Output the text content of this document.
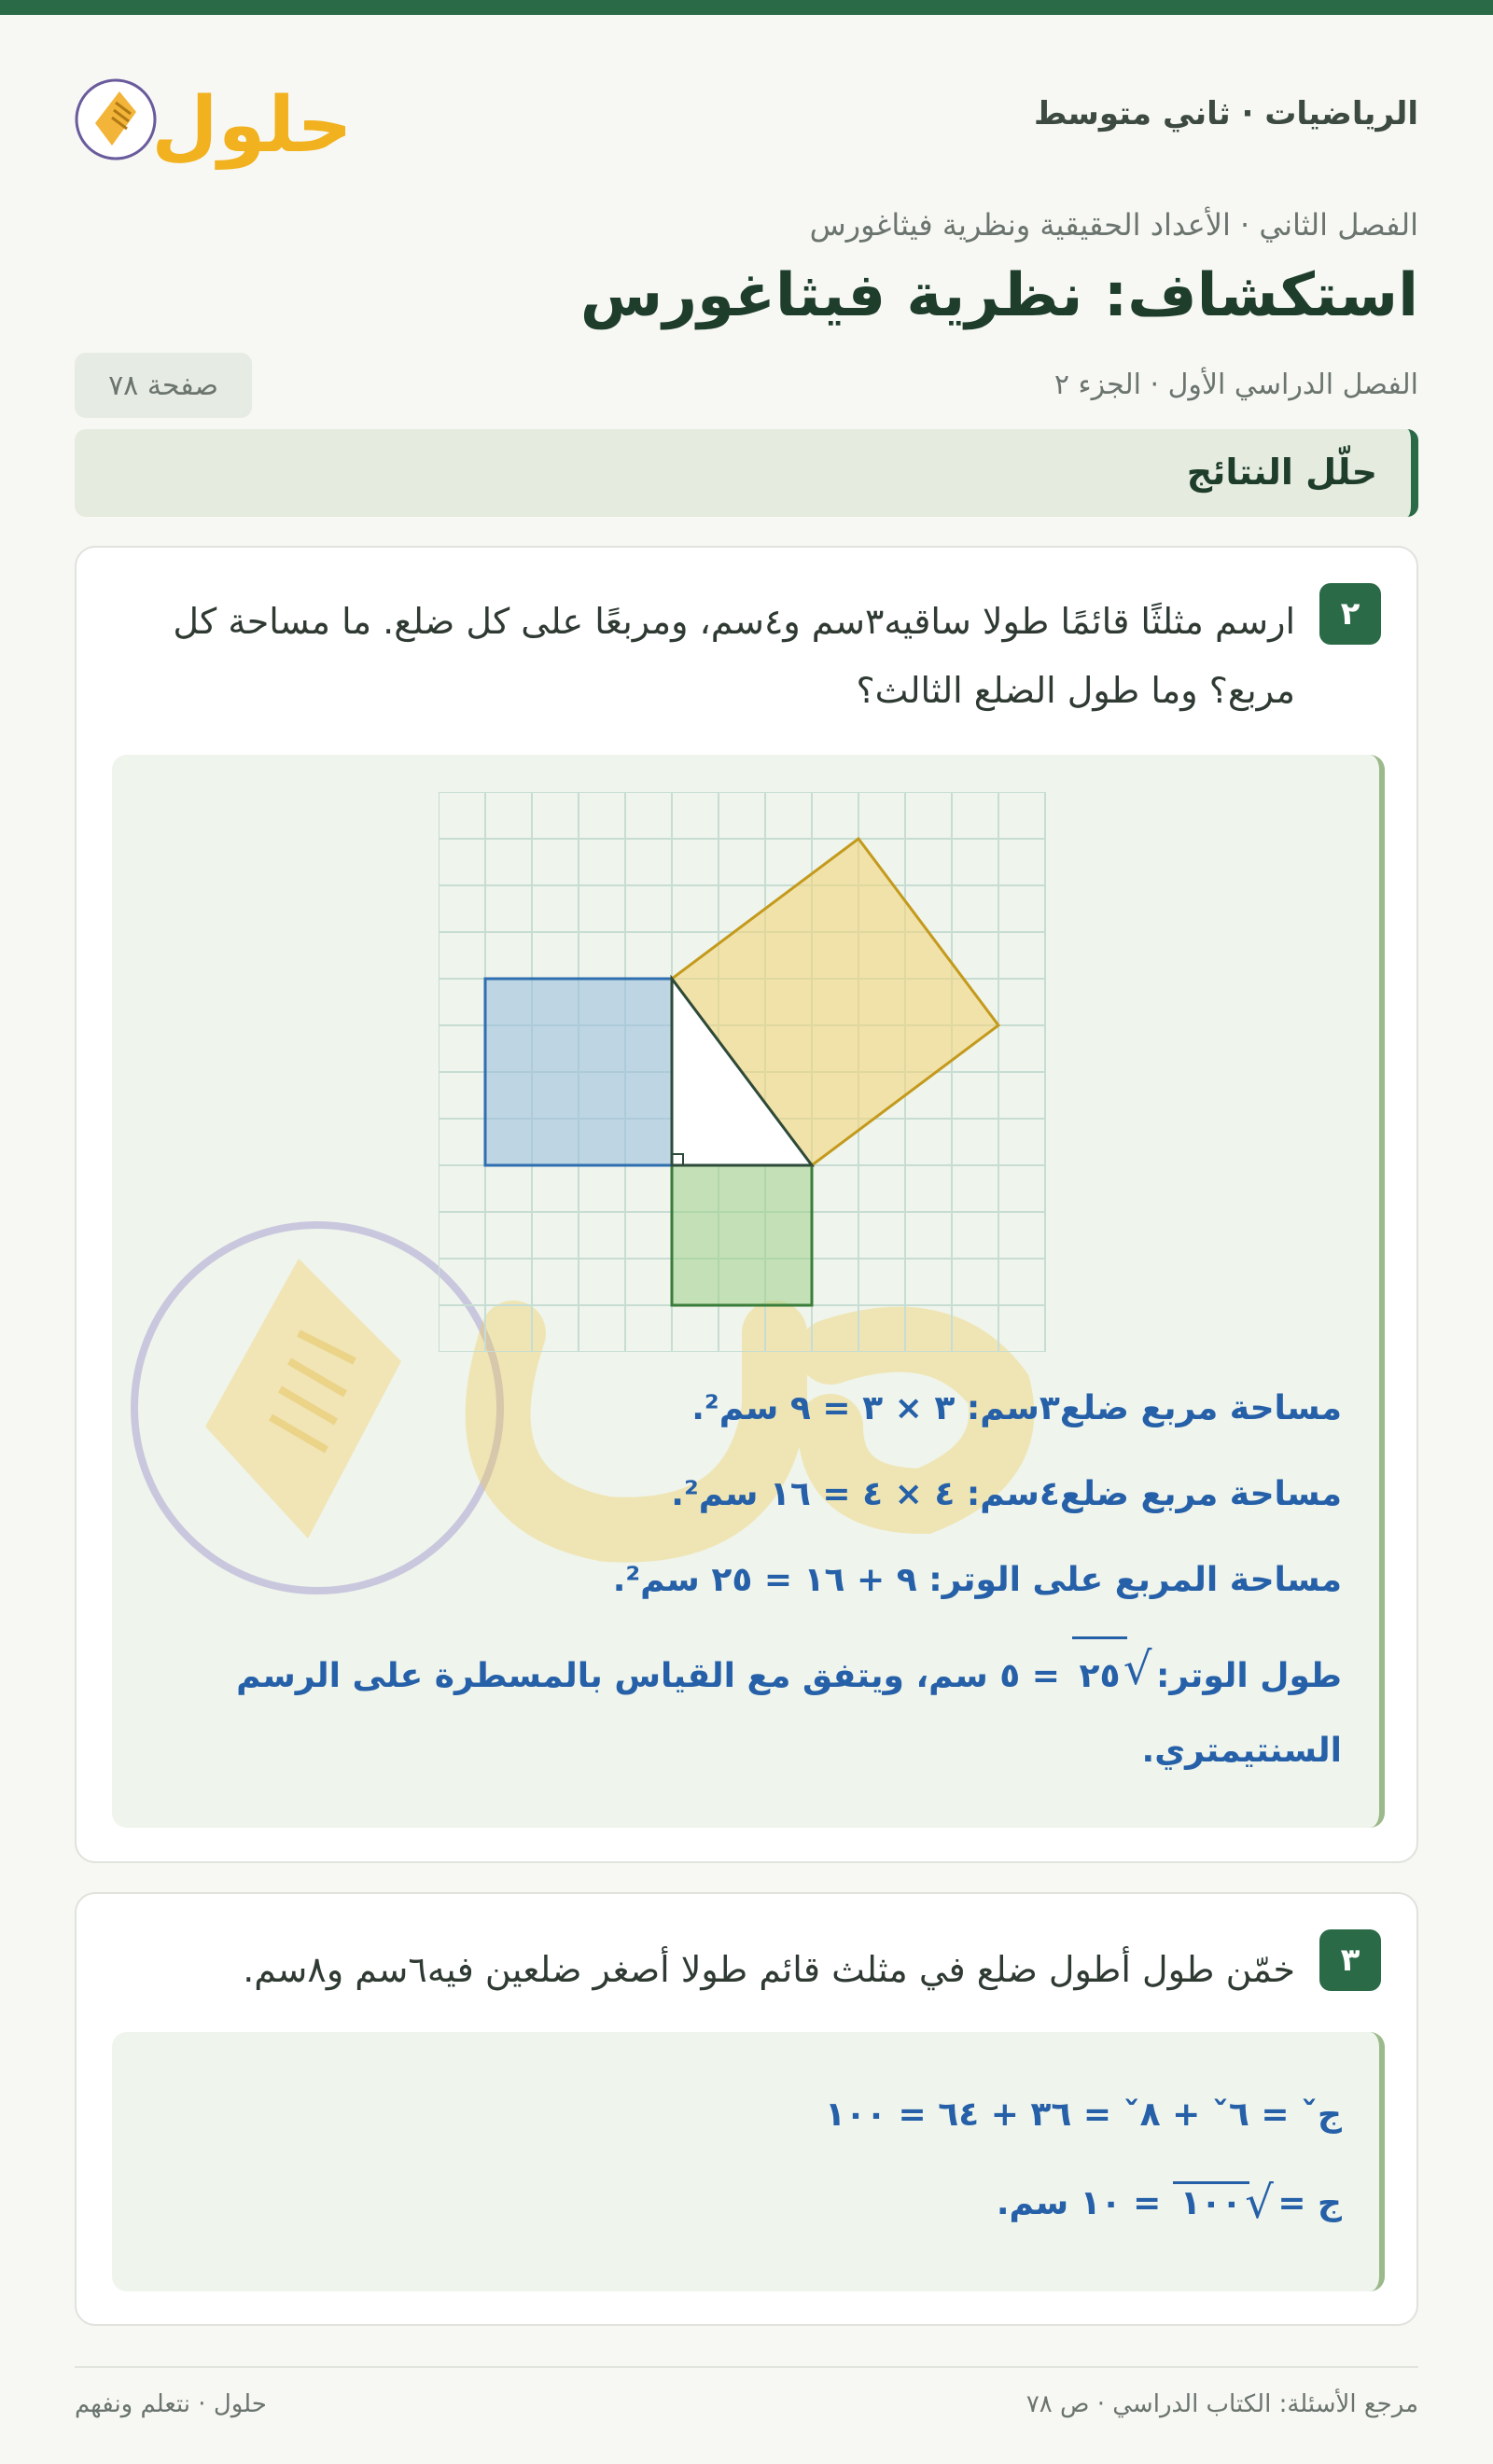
الرياضيات · ثاني متوسط
حلول
الفصل الثاني · الأعداد الحقيقية ونظرية فيثاغورس
استكشاف: نظرية فيثاغورس
الفصل الدراسي الأول · الجزء ٢
صفحة ٧٨
حلّل النتائج
٢
ارسم مثلثًا قائمًا طولا ساقيه٣سم و٤سم، ومربعًا على كل ضلع. ما مساحة كل مربع؟ وما طول الضلع الثالث؟
مساحة مربع ضلع٣سم: ٣ × ٣ = ٩ سم².
مساحة مربع ضلع٤سم: ٤ × ٤ = ١٦ سم².
مساحة المربع على الوتر: ٩ + ١٦ = ٢٥ سم².
طول الوتر: ٢٥ √ = ٥ سم، ويتفق مع القياس بالمسطرة على الرسم السنتيمتري.
٣
خمّن طول أطول ضلع في مثلث قائم طولا أصغر ضلعين فيه٦سم و٨سم.
جˇ = ٦ˇ + ٨ˇ = ٣٦ + ٦٤ = ١٠٠
ج = ١٠٠ √ = ١٠ سم.
مرجع الأسئلة: الكتاب الدراسي · ص ٧٨
حلول · نتعلم ونفهم
